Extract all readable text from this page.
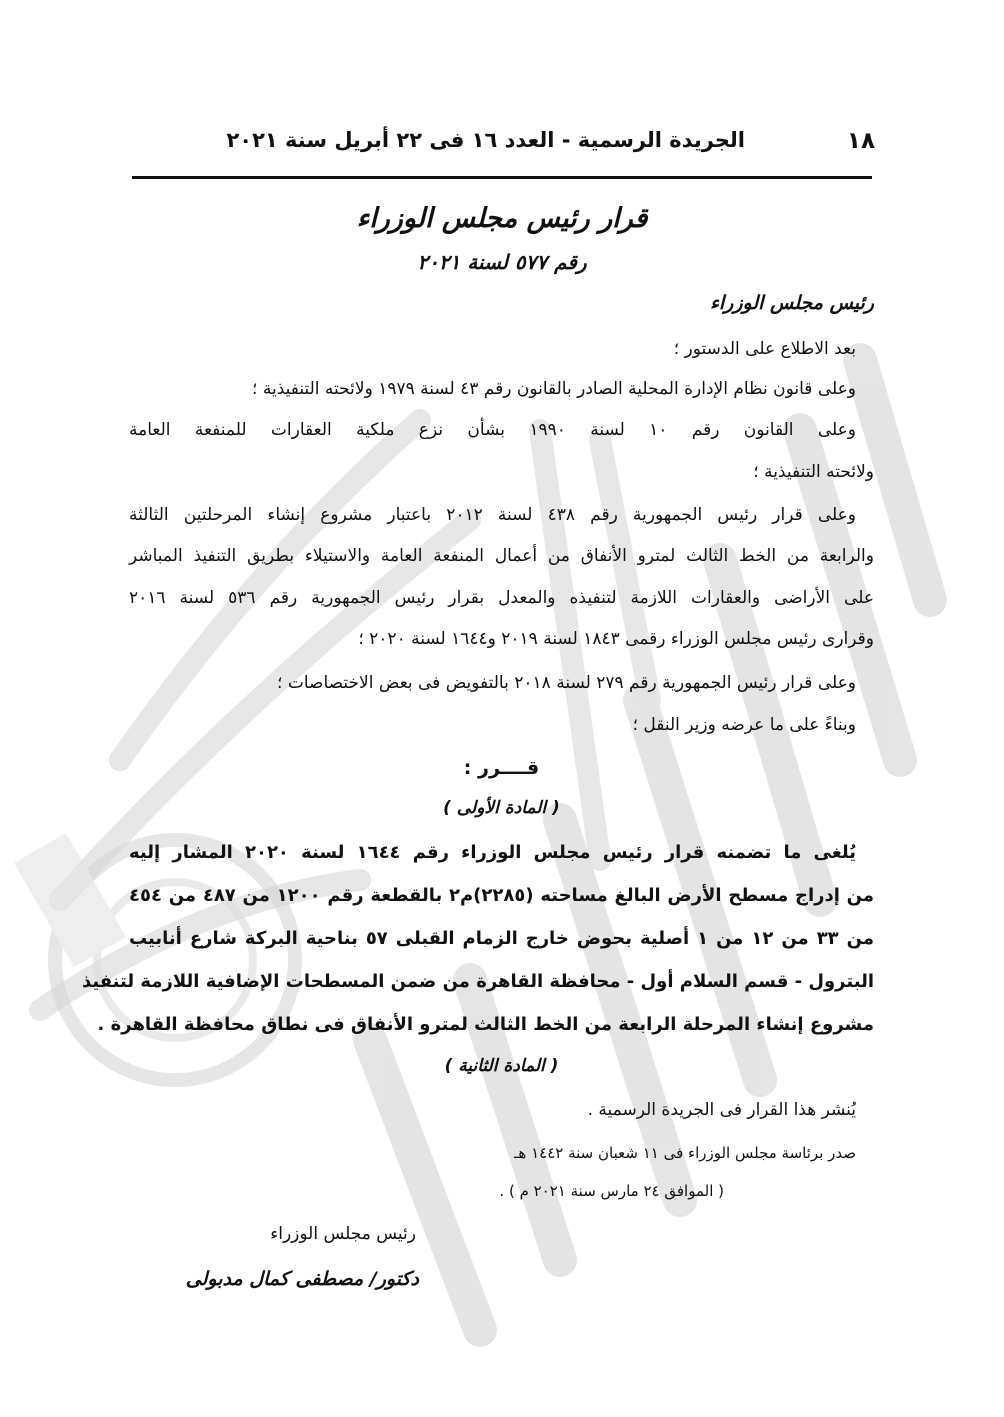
١٨
الجريدة الرسمية - العدد ١٦ فى ٢٢ أبريل سنة ٢٠٢١
قرار رئيس مجلس الوزراء
رقم ٥٧٧ لسنة ٢٠٢١
رئيس مجلس الوزراء
بعد الاطلاع على الدستور ؛
وعلى قانون نظام الإدارة المحلية الصادر بالقانون رقم ٤٣ لسنة ١٩٧٩ ولائحته التنفيذية ؛
وعلى القانون رقم ١٠ لسنة ١٩٩٠ بشأن نزع ملكية العقارات للمنفعة العامة
ولائحته التنفيذية ؛
وعلى قرار رئيس الجمهورية رقم ٤٣٨ لسنة ٢٠١٢ باعتبار مشروع إنشاء المرحلتين الثالثة
والرابعة من الخط الثالث لمترو الأنفاق من أعمال المنفعة العامة والاستيلاء بطريق التنفيذ المباشر
على الأراضى والعقارات اللازمة لتنفيذه والمعدل بقرار رئيس الجمهورية رقم ٥٣٦ لسنة ٢٠١٦
وقرارى رئيس مجلس الوزراء رقمى ١٨٤٣ لسنة ٢٠١٩ و١٦٤٤ لسنة ٢٠٢٠ ؛
وعلى قرار رئيس الجمهورية رقم ٢٧٩ لسنة ٢٠١٨ بالتفويض فى بعض الاختصاصات ؛
وبناءً على ما عرضه وزير النقل ؛
قــــرر :
( المادة الأولى )
يُلغى ما تضمنه قرار رئيس مجلس الوزراء رقم ١٦٤٤ لسنة ٢٠٢٠ المشار إليه
من إدراج مسطح الأرض البالغ مساحته (٢٢٨٥)م٢ بالقطعة رقم ١٢٠٠ من ٤٨٧ من ٤٥٤
من ٣٣ من ١٢ من ١ أصلية بحوض خارج الزمام القبلى ٥٧ بناحية البركة شارع أنابيب
البترول - قسم السلام أول - محافظة القاهرة من ضمن المسطحات الإضافية اللازمة لتنفيذ
مشروع إنشاء المرحلة الرابعة من الخط الثالث لمترو الأنفاق فى نطاق محافظة القاهرة .
( المادة الثانية )
يُنشر هذا القرار فى الجريدة الرسمية .
صدر برئاسة مجلس الوزراء فى ١١ شعبان سنة ١٤٤٢ هـ
( الموافق ٢٤ مارس سنة ٢٠٢١ م ) .
رئيس مجلس الوزراء
دكتور/ مصطفى كمال مدبولى
